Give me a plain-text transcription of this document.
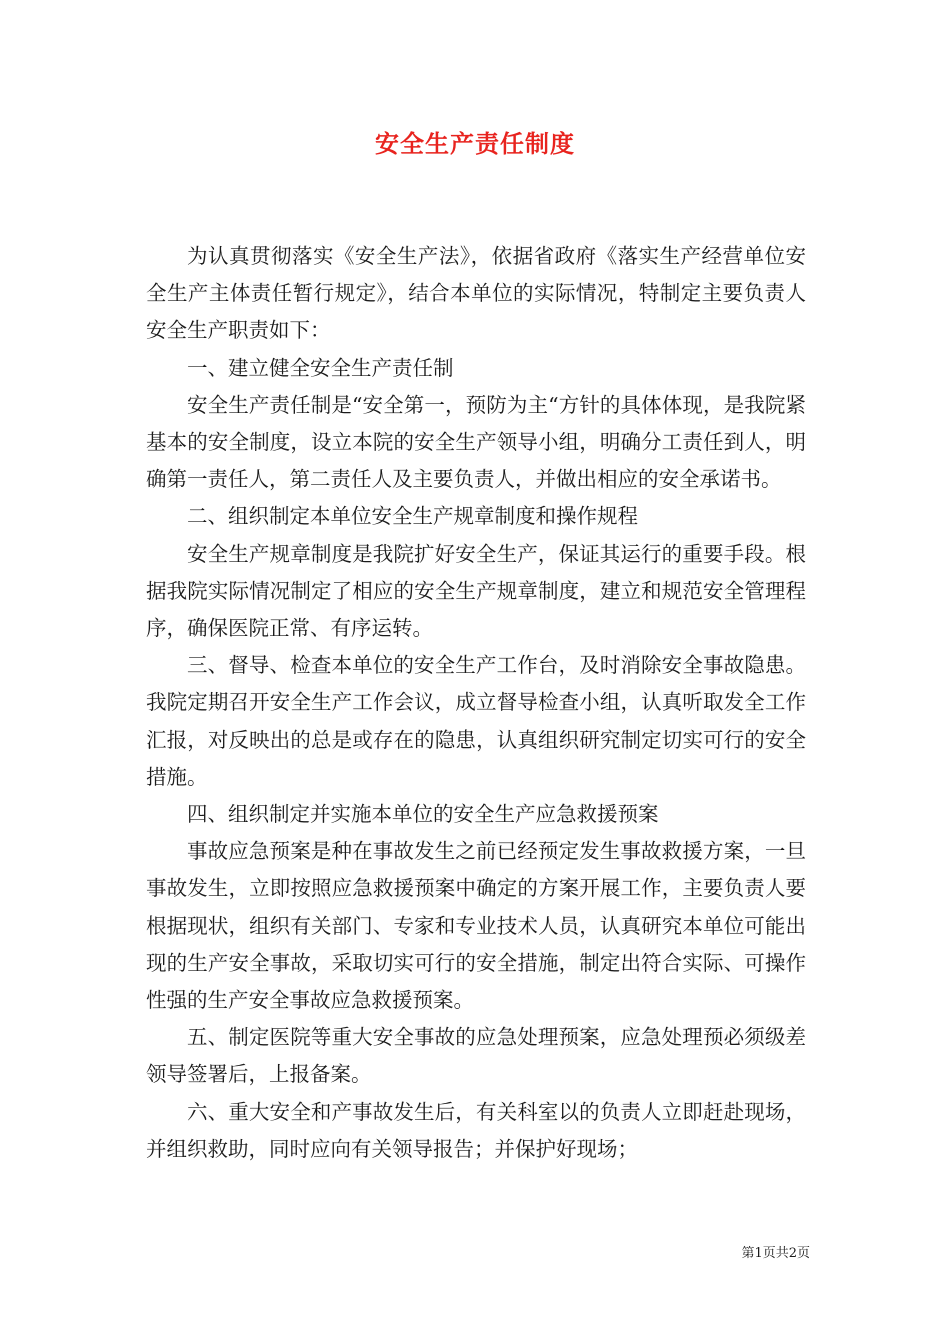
安全生产责任制度

为认真贯彻落实《安全生产法》，依据省政府《落实生产经营单位安全生产主体责任暂行规定》，结合本单位的实际情况，特制定主要负责人安全生产职责如下：

一、建立健全安全生产责任制

安全生产责任制是“安全第一，预防为主“方针的具体体现，是我院紧基本的安全制度，设立本院的安全生产领导小组，明确分工责任到人，明确第一责任人，第二责任人及主要负责人，并做出相应的安全承诺书。

二、组织制定本单位安全生产规章制度和操作规程

安全生产规章制度是我院扩好安全生产，保证其运行的重要手段。根据我院实际情况制定了相应的安全生产规章制度，建立和规范安全管理程序，确保医院正常、有序运转。

三、督导、检查本单位的安全生产工作台，及时消除安全事故隐患。我院定期召开安全生产工作会议，成立督导检查小组，认真听取发全工作汇报，对反映出的总是或存在的隐患，认真组织研究制定切实可行的安全措施。

四、组织制定并实施本单位的安全生产应急救援预案

事故应急预案是种在事故发生之前已经预定发生事故救援方案，一旦事故发生，立即按照应急救援预案中确定的方案开展工作，主要负责人要根据现状，组织有关部门、专家和专业技术人员，认真研究本单位可能出现的生产安全事故，采取切实可行的安全措施，制定出符合实际、可操作性强的生产安全事故应急救援预案。

五、制定医院等重大安全事故的应急处理预案，应急处理预必须级差领导签署后，上报备案。

六、重大安全和产事故发生后，有关科室以的负责人立即赶赴现场，并组织救助，同时应向有关领导报告；并保护好现场；

第1页共2页
